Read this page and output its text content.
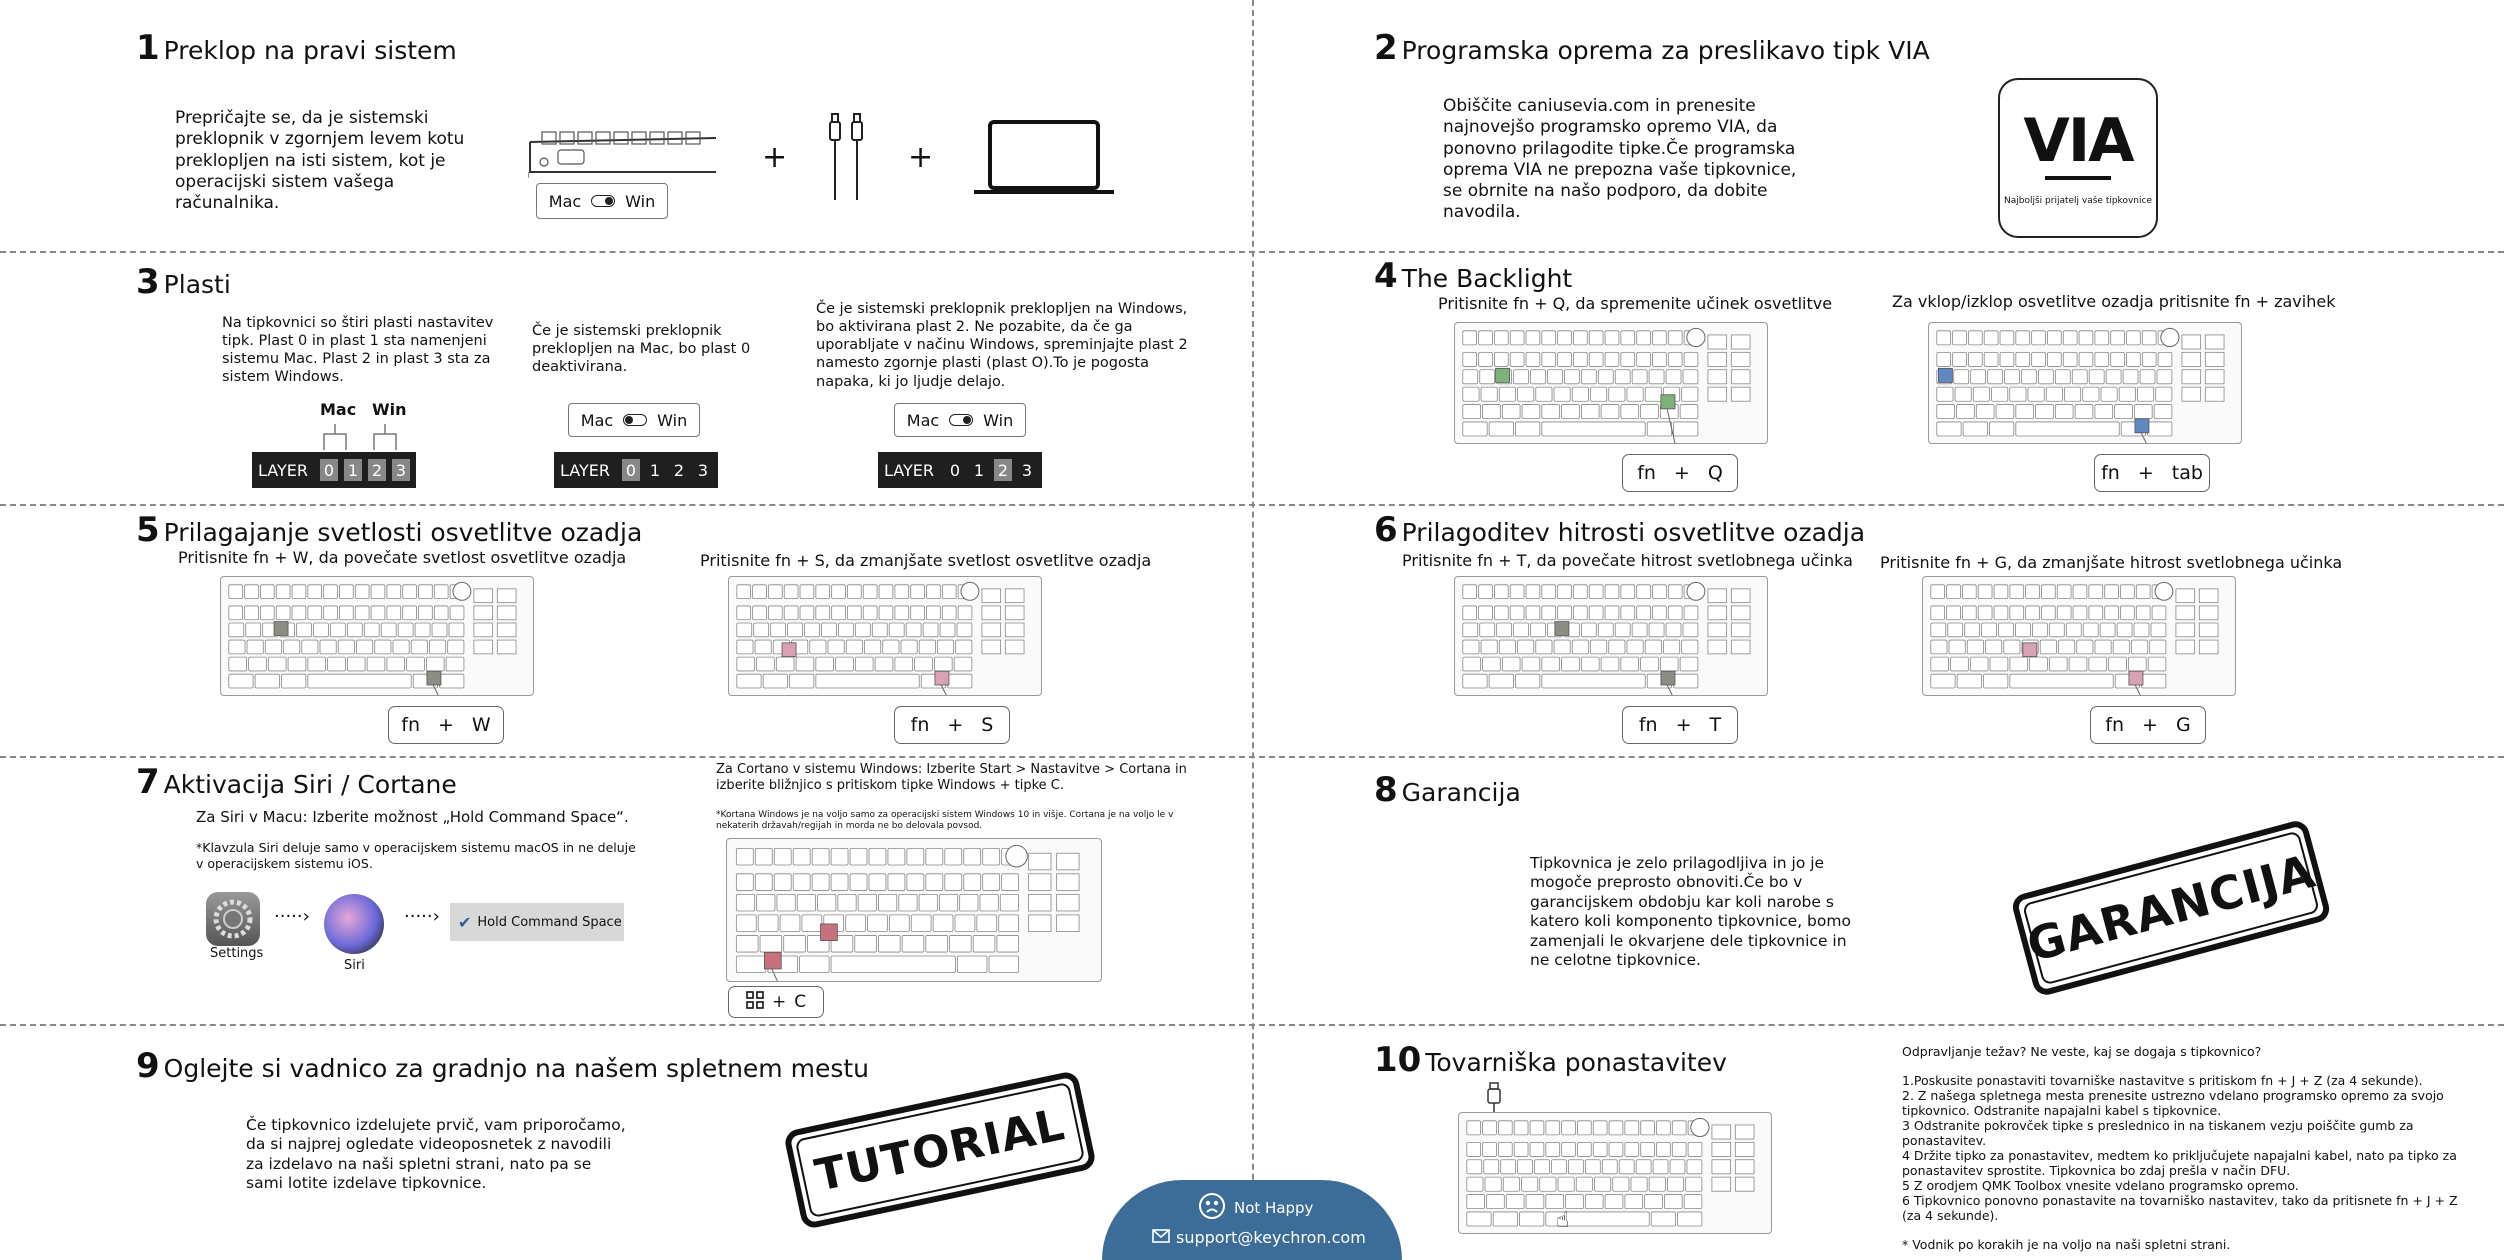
1 Preklop na pravi sistem
Prepričajte se, da je sistemski preklopnik v zgornjem levem kotu preklopljen na isti sistem, kot je operacijski sistem vašega računalnika.	Mac	Win
+	+
2 Programska oprema za preslikavo tipk VIA
Obiščite caniusevia.com in prenesite najnovejšo programsko opremo VIA, da ponovno prilagodite tipke.Če programska oprema VIA ne prepozna vaše tipkovnice, se obrnite na našo podporo, da dobite navodila.
VIA
Najboljši prijatelj vaše tipkovnice
3 Plasti
Na tipkovnici so štiri plasti nastavitev tipk. Plast 0 in plast 1 sta namenjeni sistemu Mac. Plast 2 in plast 3 sta za sistem Windows.
Če je sistemski preklopnik preklopljen na Mac, bo plast 0 deaktivirana.
Če je sistemski preklopnik preklopljen na Windows, bo aktivirana plast 2. Ne pozabite, da če ga uporabljate v načinu Windows, spreminjajte plast 2 namesto zgornje plasti (plast O).To je pogosta napaka, ki jo ljudje delajo.
Mac Win
LAYER 0 1 2 3
Mac	Win
LAYER 0 1 2 3
Mac	Win
LAYER 0 1 2 3
4 The Backlight
Pritisnite fn + Q, da spremenite učinek osvetlitve	Za vklop/izklop osvetlitve ozadja pritisnite fn + zavihek
fn + Q	fn + tab
5 Prilagajanje svetlosti osvetlitve ozadja
Pritisnite fn + W, da povečate svetlost osvetlitve ozadja	Pritisnite fn + S, da zmanjšate svetlost osvetlitve ozadja
fn + W	fn + S
6 Prilagoditev hitrosti osvetlitve ozadja
Pritisnite fn + T, da povečate hitrost svetlobnega učinka Pritisnite fn + G, da zmanjšate hitrost svetlobnega učinka
fn + T	fn + G
7 Aktivacija Siri / Cortane
Za Siri v Macu: Izberite možnost „Hold Command Space“.
*Klavzula Siri deluje samo v operacijskem sistemu macOS in ne deluje v operacijskem sistemu iOS.
Settings
·····›
Siri
·····› ✔ Hold Command Space
Za Cortano v sistemu Windows: Izberite Start > Nastavitve > Cortana in izberite bližnjico s pritiskom tipke Windows + tipke C.
*Kortana Windows je na voljo samo za operacijski sistem Windows 10 in višje. Cortana je na volјo le v nekaterih državah/regijah in morda ne bo delovala povsod.
+ C
8 Garancija
Tipkovnica je zelo prilagodljiva in jo je mogoče preprosto obnoviti.Če bo v garancijskem obdobju kar koli narobe s katero koli komponento tipkovnice, bomo zamenjali le okvarjene dele tipkovnice in ne celotne tipkovnice.	GARANCIJA
9 Oglejte si vadnico za gradnjo na našem spletnem mestu
Če tipkovnico izdelujete prvič, vam priporočamo, da si najprej ogledate videoposnetek z navodili za izdelavo na naši spletni strani, nato pa se sami lotite izdelave tipkovnice.	TUTORIAL
Not Happy
support@keychron.com
10 Tovarniška ponastavitev
☝
Odpravljanje težav? Ne veste, kaj se dogaja s tipkovnico?
1.Poskusite ponastaviti tovarniške nastavitve s pritiskom fn + J + Z (za 4 sekunde).
2. Z našega spletnega mesta prenesite ustrezno vdelano programsko opremo za svojo tipkovnico. Odstranite napajalni kabel s tipkovnice.
3 Odstranite pokrovček tipke s preslednico in na tiskanem vezju poiščite gumb za ponastavitev.
4 Držite tipko za ponastavitev, medtem ko priključujete napajalni kabel, nato pa tipko za ponastavitev sprostite. Tipkovnica bo zdaj prešla v način DFU.
5 Z orodjem QMK Toolbox vnesite vdelano programsko opremo.
6 Tipkovnico ponovno ponastavite na tovarniško nastavitev, tako da pritisnete fn + J + Z (za 4 sekunde).
* Vodnik po korakih je na voljo na naši spletni strani.
